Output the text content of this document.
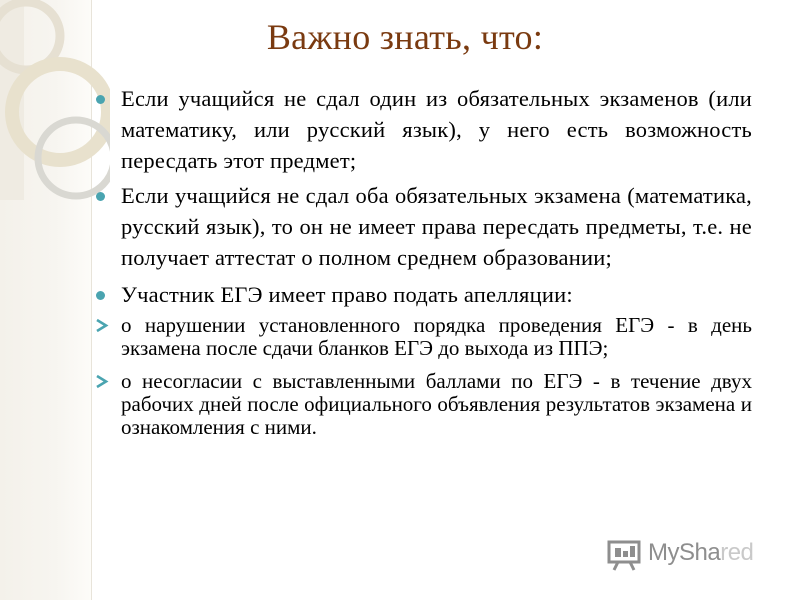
Важно знать, что:
Если учащийся не сдал один из обязательных экзаменов (или математику, или русский язык), у него есть возможность пересдать этот предмет;
Если учащийся не сдал оба обязательных экзамена (математика, русский язык), то он не имеет права пересдать предметы, т.е. не получает аттестат о полном среднем образовании;
Участник ЕГЭ имеет право подать апелляции:
о нарушении установленного порядка проведения ЕГЭ - в день экзамена после сдачи бланков ЕГЭ до выхода из ППЭ;
о несогласии с выставленными баллами по ЕГЭ - в течение двух рабочих дней после официального объявления результатов экзамена и ознакомления с ними.
MyShared
